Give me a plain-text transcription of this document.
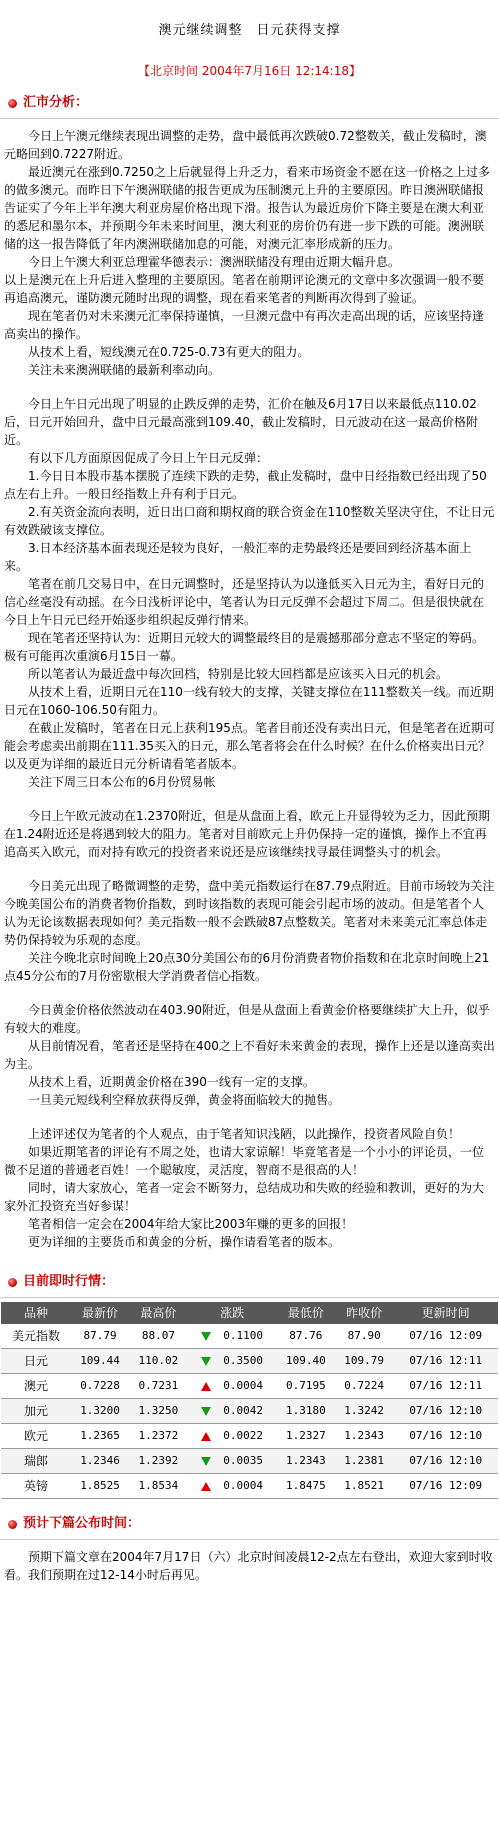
澳元继续调整　日元获得支撑
【北京时间 2004年7月16日 12:14:18】
汇市分析：

今日上午澳元继续表现出调整的走势，盘中最低再次跌破0.72整数关，截止发稿时，澳元略回到0.7227附近。

最近澳元在涨到0.7250之上后就显得上升乏力，看来市场资金不愿在这一价格之上过多的做多澳元。而昨日下午澳洲联储的报告更成为压制澳元上升的主要原因。昨日澳洲联储报告证实了今年上半年澳大利亚房屋价格出现下滑。报告认为最近房价下降主要是在澳大利亚的悉尼和墨尔本，并预期今年未来时间里，澳大利亚的房价仍有进一步下跌的可能。澳洲联储的这一报告降低了年内澳洲联储加息的可能，对澳元汇率形成新的压力。

今日上午澳大利亚总理霍华德表示：澳洲联储没有理由近期大幅升息。

以上是澳元在上升后进入整理的主要原因。笔者在前期评论澳元的文章中多次强调一般不要再追高澳元，谨防澳元随时出现的调整，现在看来笔者的判断再次得到了验证。

现在笔者仍对未来澳元汇率保持谨慎，一旦澳元盘中有再次走高出现的话，应该坚持逢高卖出的操作。

从技术上看，短线澳元在0.725-0.73有更大的阻力。

关注未来澳洲联储的最新利率动向。

今日上午日元出现了明显的止跌反弹的走势，汇价在触及6月17日以来最低点110.02后，日元开始回升，盘中日元最高涨到109.40，截止发稿时，日元波动在这一最高价格附近。

有以下几方面原因促成了今日上午日元反弹：

1.今日日本股市基本摆脱了连续下跌的走势，截止发稿时，盘中日经指数已经出现了50点左右上升。一般日经指数上升有利于日元。

2.有关资金流向表明，近日出口商和期权商的联合资金在110整数关坚决守住，不让日元有效跌破该支撑位。

3.日本经济基本面表现还是较为良好，一般汇率的走势最终还是要回到经济基本面上来。

笔者在前几交易日中，在日元调整时，还是坚持认为以逢低买入日元为主，看好日元的信心丝毫没有动摇。在今日浅析评论中，笔者认为日元反弹不会超过下周二。但是很快就在今日上午日元已经开始逐步组织起反弹行情来。

现在笔者还坚持认为：近期日元较大的调整最终目的是震撼那部分意志不坚定的筹码。极有可能再次重演6月15日一幕。

所以笔者认为最近盘中每次回档，特别是比较大回档都是应该买入日元的机会。

从技术上看，近期日元在110一线有较大的支撑，关键支撑位在111整数关一线。而近期日元在1060-106.50有阻力。

在截止发稿时，笔者在日元上获利195点。笔者目前还没有卖出日元，但是笔者在近期可能会考虑卖出前期在111.35买入的日元，那么笔者将会在什么时候？在什么价格卖出日元？以及更为详细的最近日元分析请看笔者版本。

关注下周三日本公布的6月份贸易帐

今日上午欧元波动在1.2370附近，但是从盘面上看，欧元上升显得较为乏力，因此预期在1.24附近还是将遇到较大的阻力。笔者对目前欧元上升仍保持一定的谨慎，操作上不宜再追高买入欧元，而对持有欧元的投资者来说还是应该继续找寻最佳调整头寸的机会。

今日美元出现了略微调整的走势，盘中美元指数运行在87.79点附近。目前市场较为关注今晚美国公布的消费者物价指数，到时该指数的表现可能会引起市场的波动。但是笔者个人认为无论该数据表现如何？美元指数一般不会跌破87点整数关。笔者对未来美元汇率总体走势仍保持较为乐观的态度。

关注今晚北京时间晚上20点30分美国公布的6月份消费者物价指数和在北京时间晚上21点45分公布的7月份密歇根大学消费者信心指数。

今日黄金价格依然波动在403.90附近，但是从盘面上看黄金价格要继续扩大上升，似乎有较大的难度。

从目前情况看，笔者还是坚持在400之上不看好未来黄金的表现，操作上还是以逢高卖出为主。

从技术上看，近期黄金价格在390一线有一定的支撑。

一旦美元短线利空释放获得反弹，黄金将面临较大的抛售。

上述评述仅为笔者的个人观点，由于笔者知识浅陋，以此操作，投资者风险自负！

如果近期笔者的评论有不周之处，也请大家谅解！毕竟笔者是一个小小的评论员，一位微不足道的普通老百姓！一个聪敏度，灵活度，智商不是很高的人！

同时，请大家放心，笔者一定会不断努力，总结成功和失败的经验和教训，更好的为大家外汇投资充当好参谋！

笔者相信一定会在2004年给大家比2003年赚的更多的回报！

更为详细的主要货币和黄金的分析，操作请看笔者的版本。

目前即时行情：
品种	最新价	最高价	涨跌	最低价	昨收价	更新时间
美元指数	87.79	88.07	0.1100	87.76	87.90	07/16 12:09
日元	109.44	110.02	0.3500	109.40	109.79	07/16 12:11
澳元	0.7228	0.7231	0.0004	0.7195	0.7224	07/16 12:11
加元	1.3200	1.3250	0.0042	1.3180	1.3242	07/16 12:10
欧元	1.2365	1.2372	0.0022	1.2327	1.2343	07/16 12:10
瑞郎	1.2346	1.2392	0.0035	1.2343	1.2381	07/16 12:10
英镑	1.8525	1.8534	0.0004	1.8475	1.8521	07/16 12:09
预计下篇公布时间：

预期下篇文章在2004年7月17日（六）北京时间凌晨12-2点左右登出，欢迎大家到时收看。我们预期在过12-14小时后再见。
